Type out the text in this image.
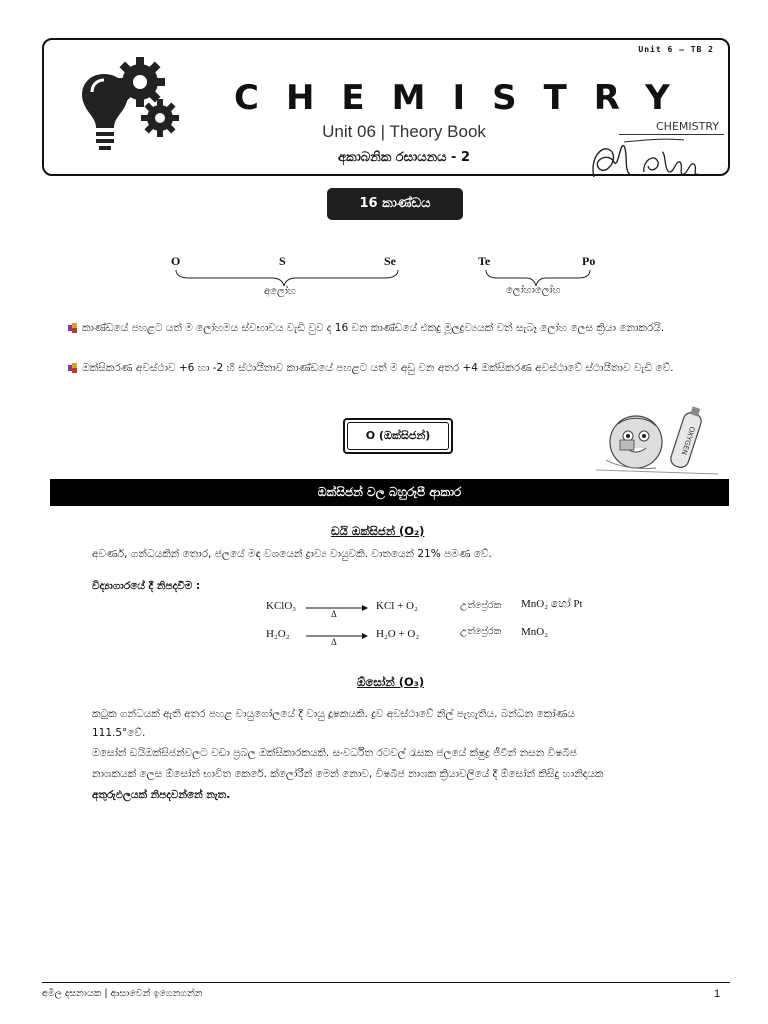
Unit 6 – TB 2
CHEMISTRY
Unit 06 | Theory Book
අකාබනික රසායනය - 2
CHEMISTRY
16 කාණ්ඩය
O	S	Se	Te	Po
අලෝහ	ලෝහාලෝහ
කාණ්ඩයේ පහළට යත් ම ලෝහමය ස්වභාවය වැඩි වුව ද 16 වන කාණ්ඩයේ එකදු මූලද්‍රව්‍යයක් වත් සැබෑ ලෝහ ලෙස ක්‍රියා නොකරයි.
ඔක්සිකරණ අවස්ථාව +6 හා -2 හි ස්ථායීතාව කාණ්ඩයේ පහළට යත් ම අඩු වන අතර +4 ඔක්සිකරණ අවස්ථාවේ ස්ථායීතාව වැඩි වේ.
O (ඔක්සිජන්)	OXYGEN
ඔක්සිජන් වල බහුරූපී ආකාර
ඩයි ඔක්සිජන් (O₂)
අවර්ණ, ගන්ධයකින් තොර, ජලයේ මඳ වශයෙන් ද්‍රාව්‍ය වායුවකි. වාතයෙන් 21% පමණ වේ.
විද්‍යාගාරයේ දී නිපදවීම :
KClO₃ →
Δ
KCl + O₂	උත්ප්‍රේරක MnO₂ හෝ Pt
H₂O₂ →
Δ
H₂O + O₂	උත්ප්‍රේරක MnO₂
ඕසෝන් (O₃)
කටුක ගන්ධයක් ඇති අතර පහළ වායුගෝලයේ දී වායු දූෂකයකි. ද්‍රව අවස්ථාවේ නිල් පැහැතිය. බන්ධන කෝණය
111.5°වේ.
ඔසෝන් ඩයිඔක්සිජන්වලට වඩා ප්‍රබල ඔක්සිකාරකයකි. සංවර්ධිත රටවල් රැසක ජලයේ ක්ෂුද්‍ර ජීවීන් නසන විෂබීජ
නාශකයක් ලෙස ඕසෝන් භාවිත කෙරේ. ක්ලෝරීන් මෙන් නොව, විෂබීජ නාශක ක්‍රියාවලියේ දී ඕසෝන් කිසිදු හානිදායක
අතුරුඵලයක් නිපදවන්නේ නැත.
අමිල දසනායක | ආසාවෙන් ඉගෙනගන්න	1
